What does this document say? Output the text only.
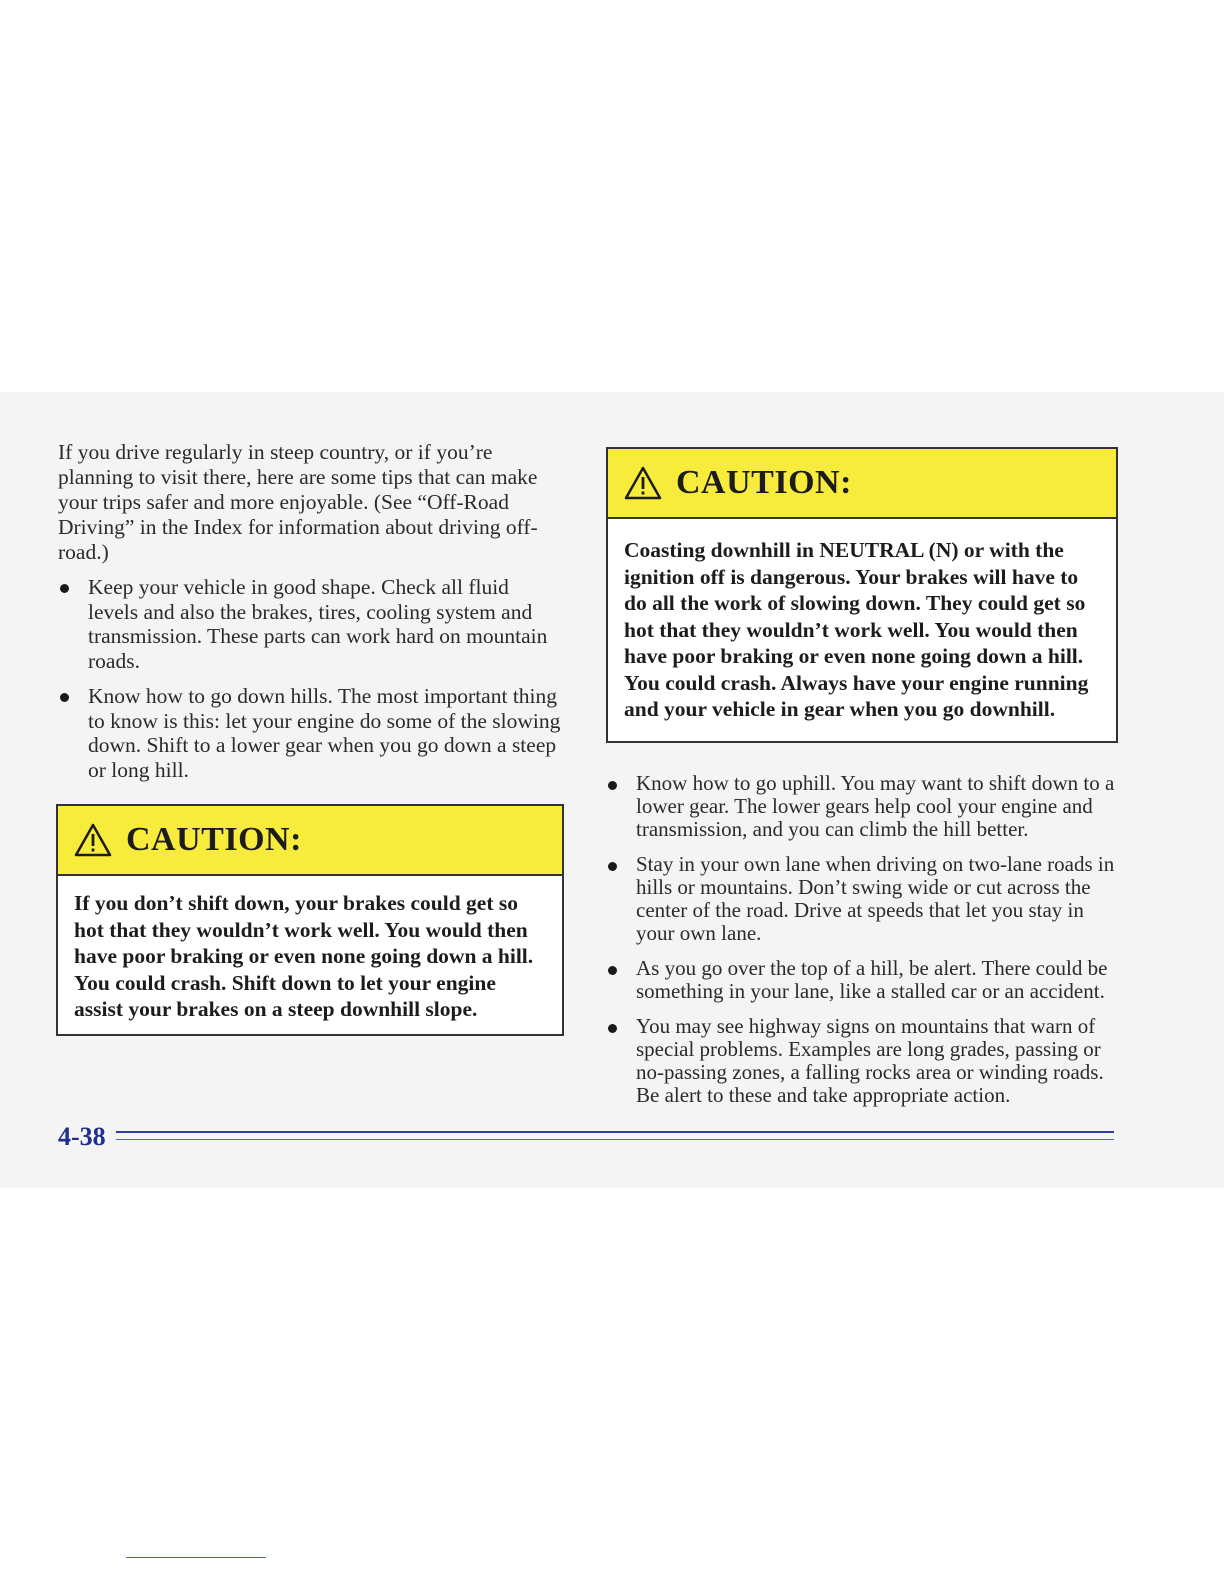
If you drive regularly in steep country, or if you’re planning to visit there, here are some tips that can make your trips safer and more enjoyable. (See “Off-Road Driving” in the Index for information about driving off-road.)

Keep your vehicle in good shape. Check all fluid levels and also the brakes, tires, cooling system and transmission. These parts can work hard on mountain roads.
Know how to go down hills. The most important thing to know is this: let your engine do some of the slowing down. Shift to a lower gear when you go down a steep or long hill.
CAUTION:
If you don’t shift down, your brakes could get so hot that they wouldn’t work well. You would then have poor braking or even none going down a hill. You could crash. Shift down to let your engine assist your brakes on a steep downhill slope.
CAUTION:
Coasting downhill in NEUTRAL (N) or with the ignition off is dangerous. Your brakes will have to do all the work of slowing down. They could get so hot that they wouldn’t work well. You would then have poor braking or even none going down a hill. You could crash. Always have your engine running and your vehicle in gear when you go downhill.
Know how to go uphill. You may want to shift down to a lower gear. The lower gears help cool your engine and transmission, and you can climb the hill better.
Stay in your own lane when driving on two-lane roads in hills or mountains. Don’t swing wide or cut across the center of the road. Drive at speeds that let you stay in your own lane.
As you go over the top of a hill, be alert. There could be something in your lane, like a stalled car or an accident.
You may see highway signs on mountains that warn of special problems. Examples are long grades, passing or no-passing zones, a falling rocks area or winding roads. Be alert to these and take appropriate action.
4-38
